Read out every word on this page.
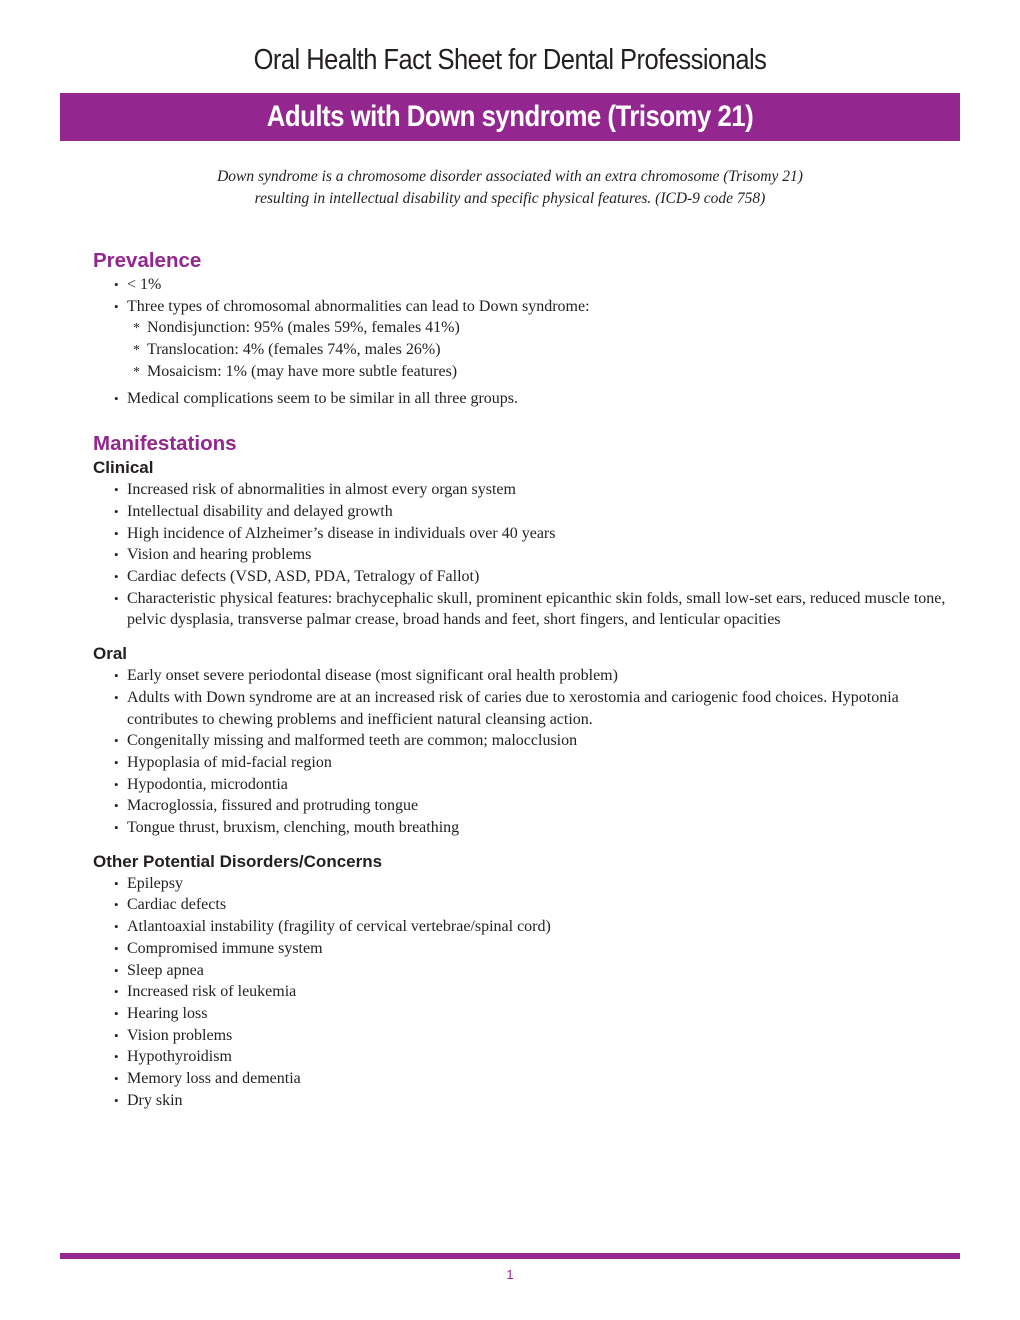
Oral Health Fact Sheet for Dental Professionals
Adults with Down syndrome (Trisomy 21)
Down syndrome is a chromosome disorder associated with an extra chromosome (Trisomy 21)
resulting in intellectual disability and specific physical features. (ICD-9 code 758)
Prevalence
• < 1%
• Three types of chromosomal abnormalities can lead to Down syndrome:
* Nondisjunction: 95% (males 59%, females 41%)
* Translocation: 4% (females 74%, males 26%)
* Mosaicism: 1% (may have more subtle features)
• Medical complications seem to be similar in all three groups.
Manifestations
Clinical
• Increased risk of abnormalities in almost every organ system
• Intellectual disability and delayed growth
• High incidence of Alzheimer’s disease in individuals over 40 years
• Vision and hearing problems
• Cardiac defects (VSD, ASD, PDA, Tetralogy of Fallot)
• Characteristic physical features: brachycephalic skull, prominent epicanthic skin folds, small low-set ears, reduced muscle tone, pelvic dysplasia, transverse palmar crease, broad hands and feet, short fingers, and lenticular opacities
Oral
• Early onset severe periodontal disease (most significant oral health problem)
• Adults with Down syndrome are at an increased risk of caries due to xerostomia and cariogenic food choices. Hypotonia contributes to chewing problems and inefficient natural cleansing action.
• Congenitally missing and malformed teeth are common; malocclusion
• Hypoplasia of mid-facial region
• Hypodontia, microdontia
• Macroglossia, fissured and protruding tongue
• Tongue thrust, bruxism, clenching, mouth breathing
Other Potential Disorders/Concerns
• Epilepsy
• Cardiac defects
• Atlantoaxial instability (fragility of cervical vertebrae/spinal cord)
• Compromised immune system
• Sleep apnea
• Increased risk of leukemia
• Hearing loss
• Vision problems
• Hypothyroidism
• Memory loss and dementia
• Dry skin
1
